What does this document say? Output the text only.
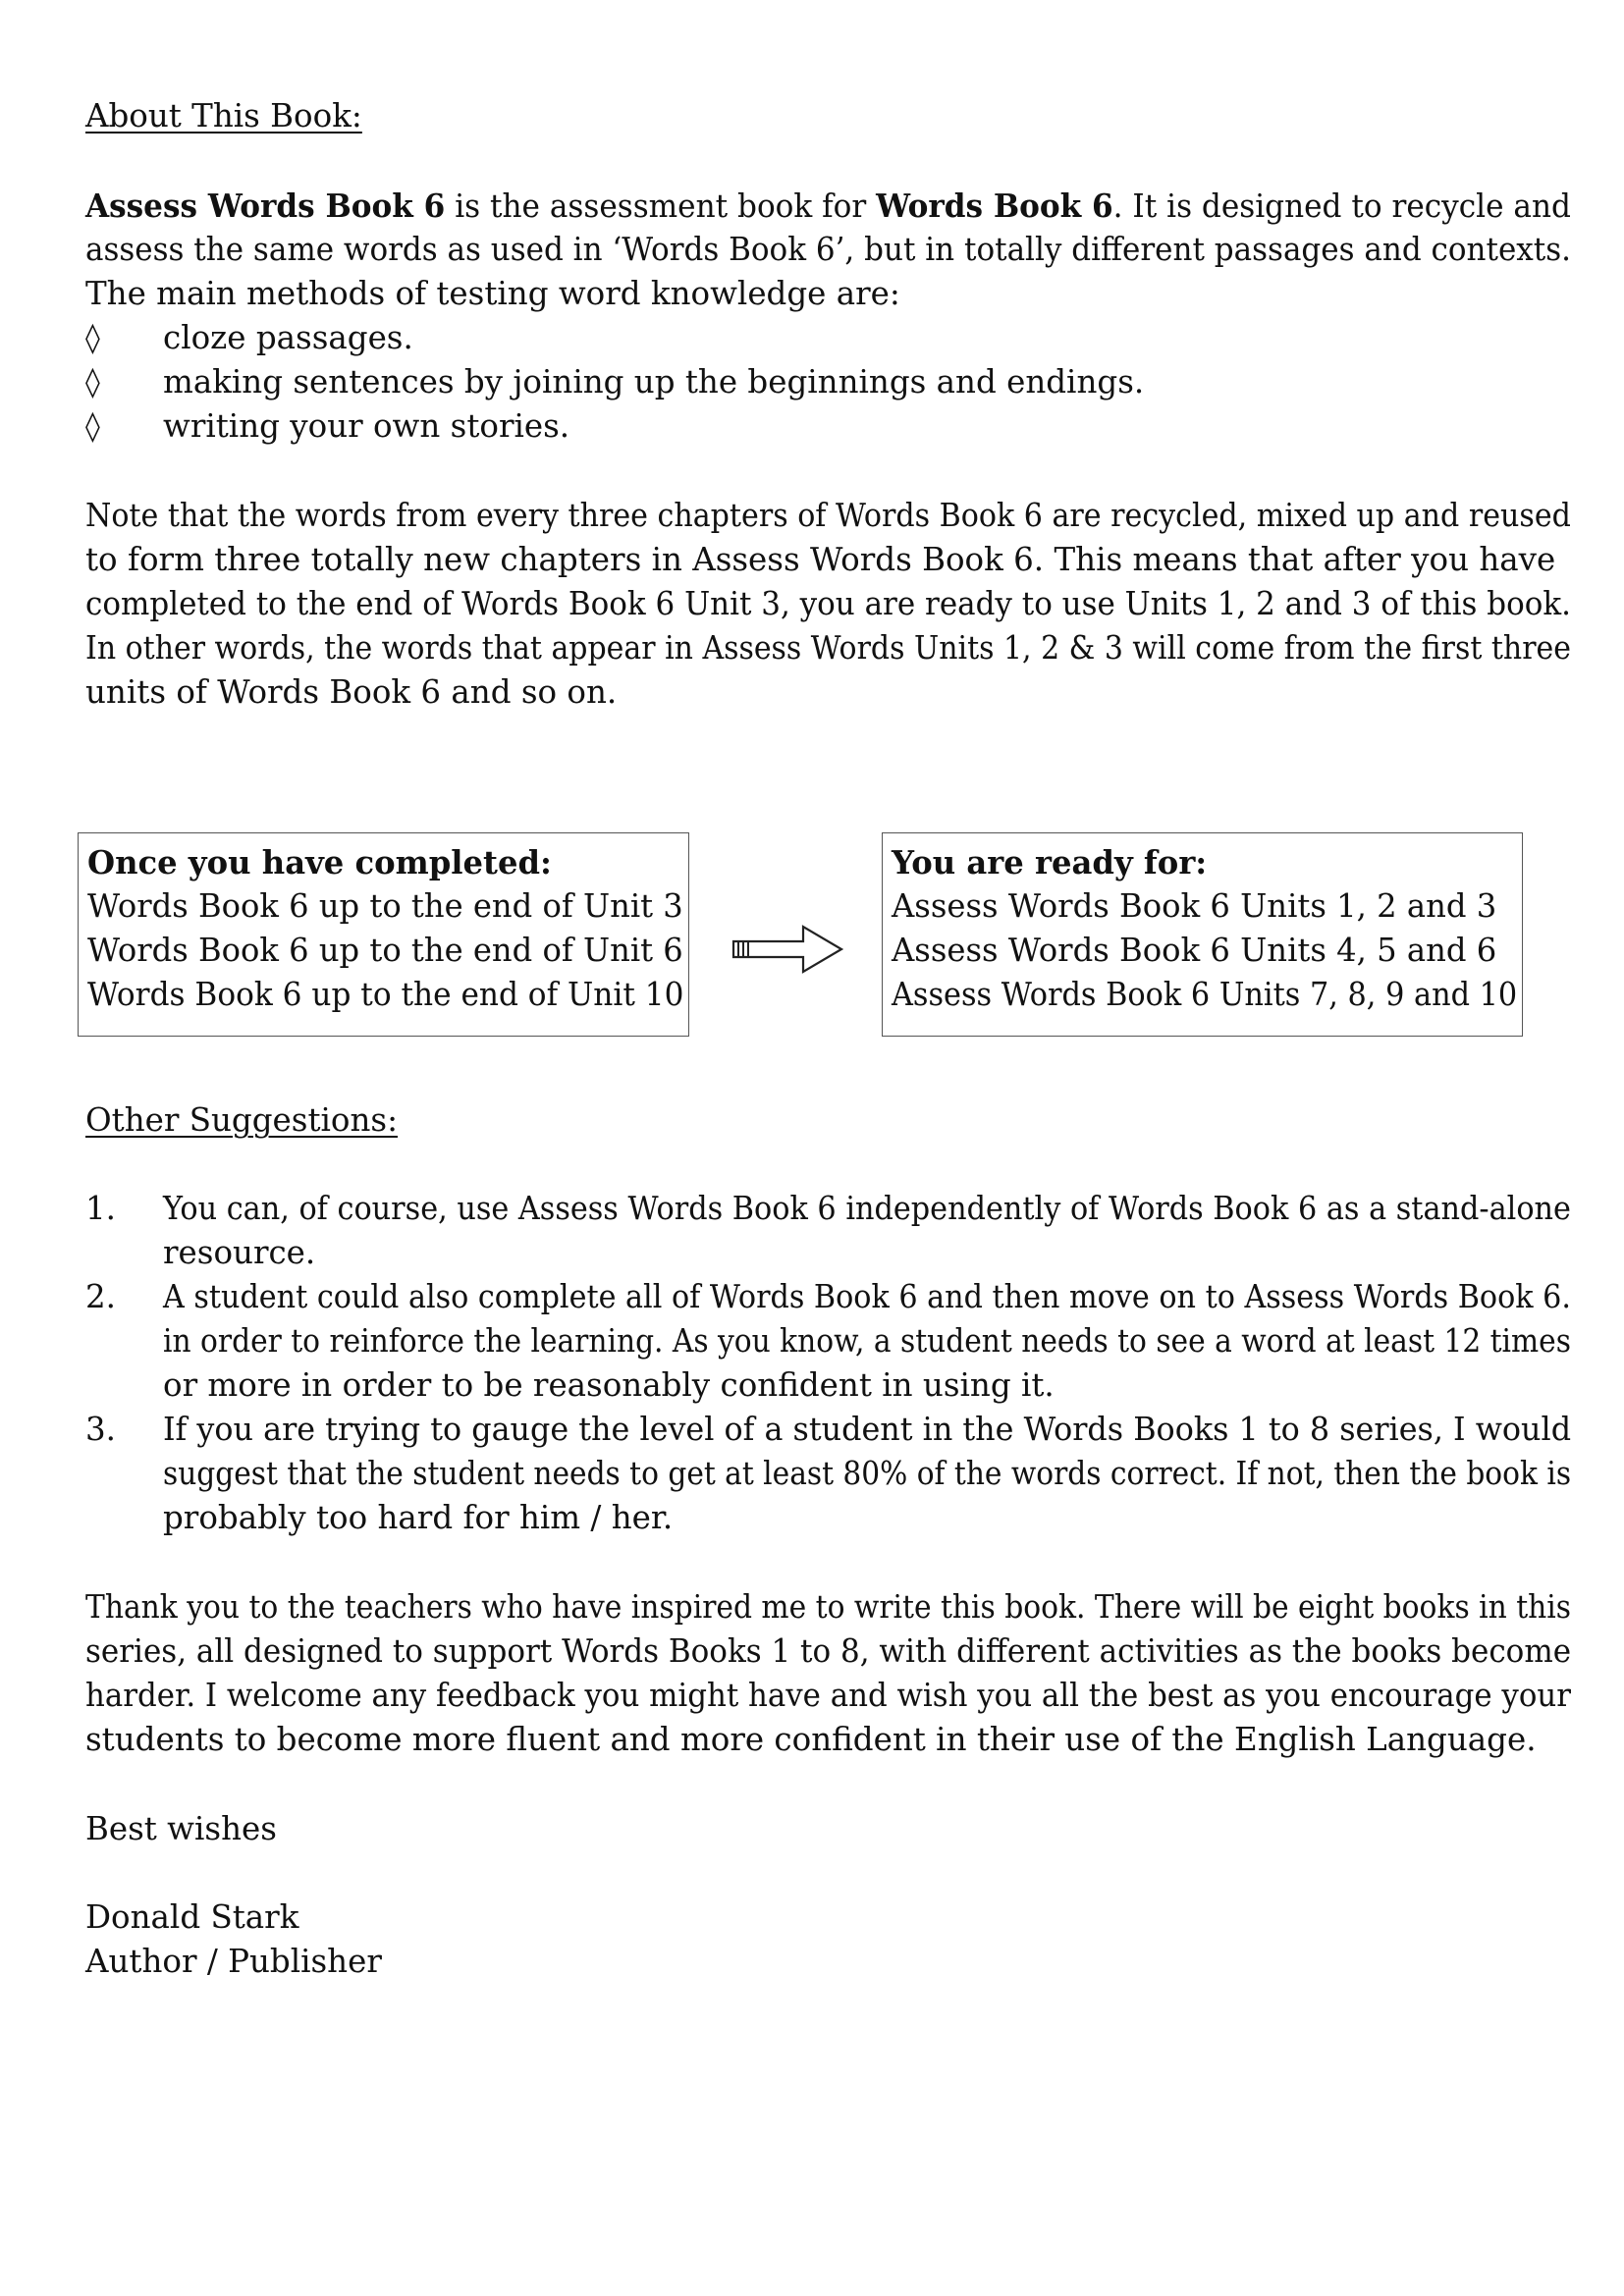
About This Book:

Assess Words Book 6 is the assessment book for Words Book 6. It is designed to recycle and

assess the same words as used in ‘Words Book 6’, but in totally different passages and contexts.

The main methods of testing word knowledge are:

◊ cloze passages.
◊ making sentences by joining up the beginnings and endings.
◊ writing your own stories.

Note that the words from every three chapters of Words Book 6 are recycled, mixed up and reused

to form three totally new chapters in Assess Words Book 6. This means that after you have

completed to the end of Words Book 6 Unit 3, you are ready to use Units 1, 2 and 3 of this book.

In other words, the words that appear in Assess Words Units 1, 2 & 3 will come from the first three

units of Words Book 6 and so on.

Once you have completed:
Words Book 6 up to the end of Unit 3
Words Book 6 up to the end of Unit 6
Words Book 6 up to the end of Unit 10
You are ready for:
Assess Words Book 6 Units 1, 2 and 3
Assess Words Book 6 Units 4, 5 and 6
Assess Words Book 6 Units 7, 8, 9 and 10

Other Suggestions:

1. You can, of course, use Assess Words Book 6 independently of Words Book 6 as a stand-alone
resource.
2. A student could also complete all of Words Book 6 and then move on to Assess Words Book 6.
in order to reinforce the learning. As you know, a student needs to see a word at least 12 times
or more in order to be reasonably confident in using it.
3. If you are trying to gauge the level of a student in the Words Books 1 to 8 series, I would
suggest that the student needs to get at least 80% of the words correct. If not, then the book is
probably too hard for him / her.

Thank you to the teachers who have inspired me to write this book. There will be eight books in this

series, all designed to support Words Books 1 to 8, with different activities as the books become

harder. I welcome any feedback you might have and wish you all the best as you encourage your

students to become more fluent and more confident in their use of the English Language.

Best wishes

Donald Stark

Author / Publisher
